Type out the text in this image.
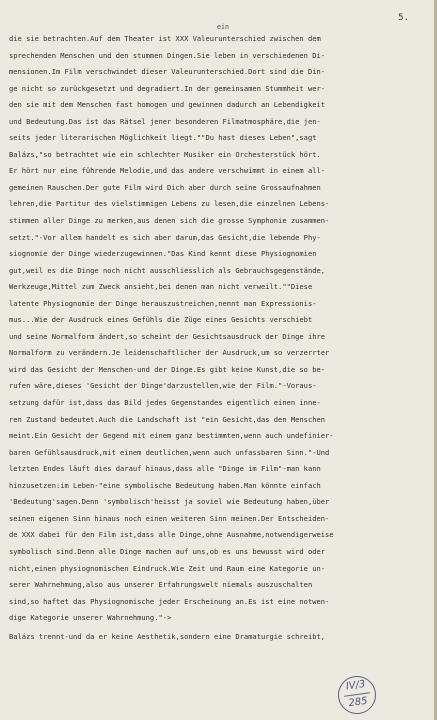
5.
ein
die sie betrachten.Auf dem Theater ist XXX Valeurunterschied zwischen dem
sprechenden Menschen und den stummen Dingen.Sie leben in verschiedenen Di-
mensionen.Im Film verschwindet dieser Valeurunterschied.Dort sind die Din-
ge nicht so zurückgesetzt und degradiert.In der gemeinsamen Stummheit wer-
den sie mit dem Menschen fast homogen und gewinnen dadurch an Lebendigkeit
und Bedeutung.Das ist das Rätsel jener besonderen Filmatmosphäre,die jen-
seits jeder literarischen Möglichkeit liegt.""Du hast dieses Leben",sagt
Balázs,"so betrachtet wie ein schlechter Musiker ein Orchesterstück hört.
Er hört nur eine führende Melodie,und das andere verschwimmt in einem all-
gemeinen Rauschen.Der gute Film wird Dich aber durch seine Grossaufnahmen
lehren,die Partitur des vielstimmigen Lebens zu lesen,die einzelnen Lebens-
stimmen aller Dinge zu merken,aus denen sich die grosse Symphonie zusammen-
setzt."-Vor allem handelt es sich aber darum,das Gesicht,die lebende Phy-
siognomie der Dinge wiederzugewinnen."Das Kind kennt diese Physiognomien
gut,weil es die Dinge noch nicht ausschliesslich als Gebrauchsgegenstände,
Werkzeuge,Mittel zum Zweck ansieht,bei denen man nicht verweilt.""Diese
latente Physiognomie der Dinge herauszustreichen,nennt man Expressionis-
mus...Wie der Ausdruck eines Gefühls die Züge eines Gesichts verschiebt
und seine Normalform ändert,so scheint der Gesichtsausdruck der Dinge ihre
Normalform zu verändern.Je leidenschaftlicher der Ausdruck,um so verzerrter
wird das Gesicht der Menschen-und der Dinge.Es gibt keine Kunst,die so be-
rufen wäre,dieses 'Gesicht der Dinge'darzustellen,wie der Film."-Voraus-
setzung dafür ist,dass das Bild jedes Gegenstandes eigentlich einen inne-
ren Zustand bedeutet.Auch die Landschaft ist "ein Gesicht,das den Menschen
meint.Ein Gesicht der Gegend mit einem ganz bestimmten,wenn auch undefinier-
baren Gefühlsausdruck,mit einem deutlichen,wenn auch unfassbaren Sinn."-Und
letzten Endes läuft dies darauf hinaus,dass alle "Dinge im Film"-man kann
hinzusetzen:im Leben-"eine symbolische Bedeutung haben.Man könnte einfach
'Bedeutung'sagen.Denn 'symbolisch'heisst ja soviel wie Bedeutung haben,über
seinen eigenen Sinn hinaus noch einen weiteren Sinn meinen.Der Entscheiden-
de XXX dabei für den Film ist,dass alle Dinge,ohne Ausnahme,notwendigerweise
symbolisch sind.Denn alle Dinge machen auf uns,ob es uns bewusst wird oder
nicht,einen physiognomischen Eindruck.Wie Zeit und Raum eine Kategorie un-
serer Wahrnehmung,also aus unserer Erfahrungswelt niemals auszuschalten
sind,so haftet das Physiognomische jeder Erscheinung an.Es ist eine notwen-
dige Kategorie unserer Wahrnehmung."->
Balázs trennt-und da er keine Aesthetik,sondern eine Dramaturgie schreibt,
IV/3
285
